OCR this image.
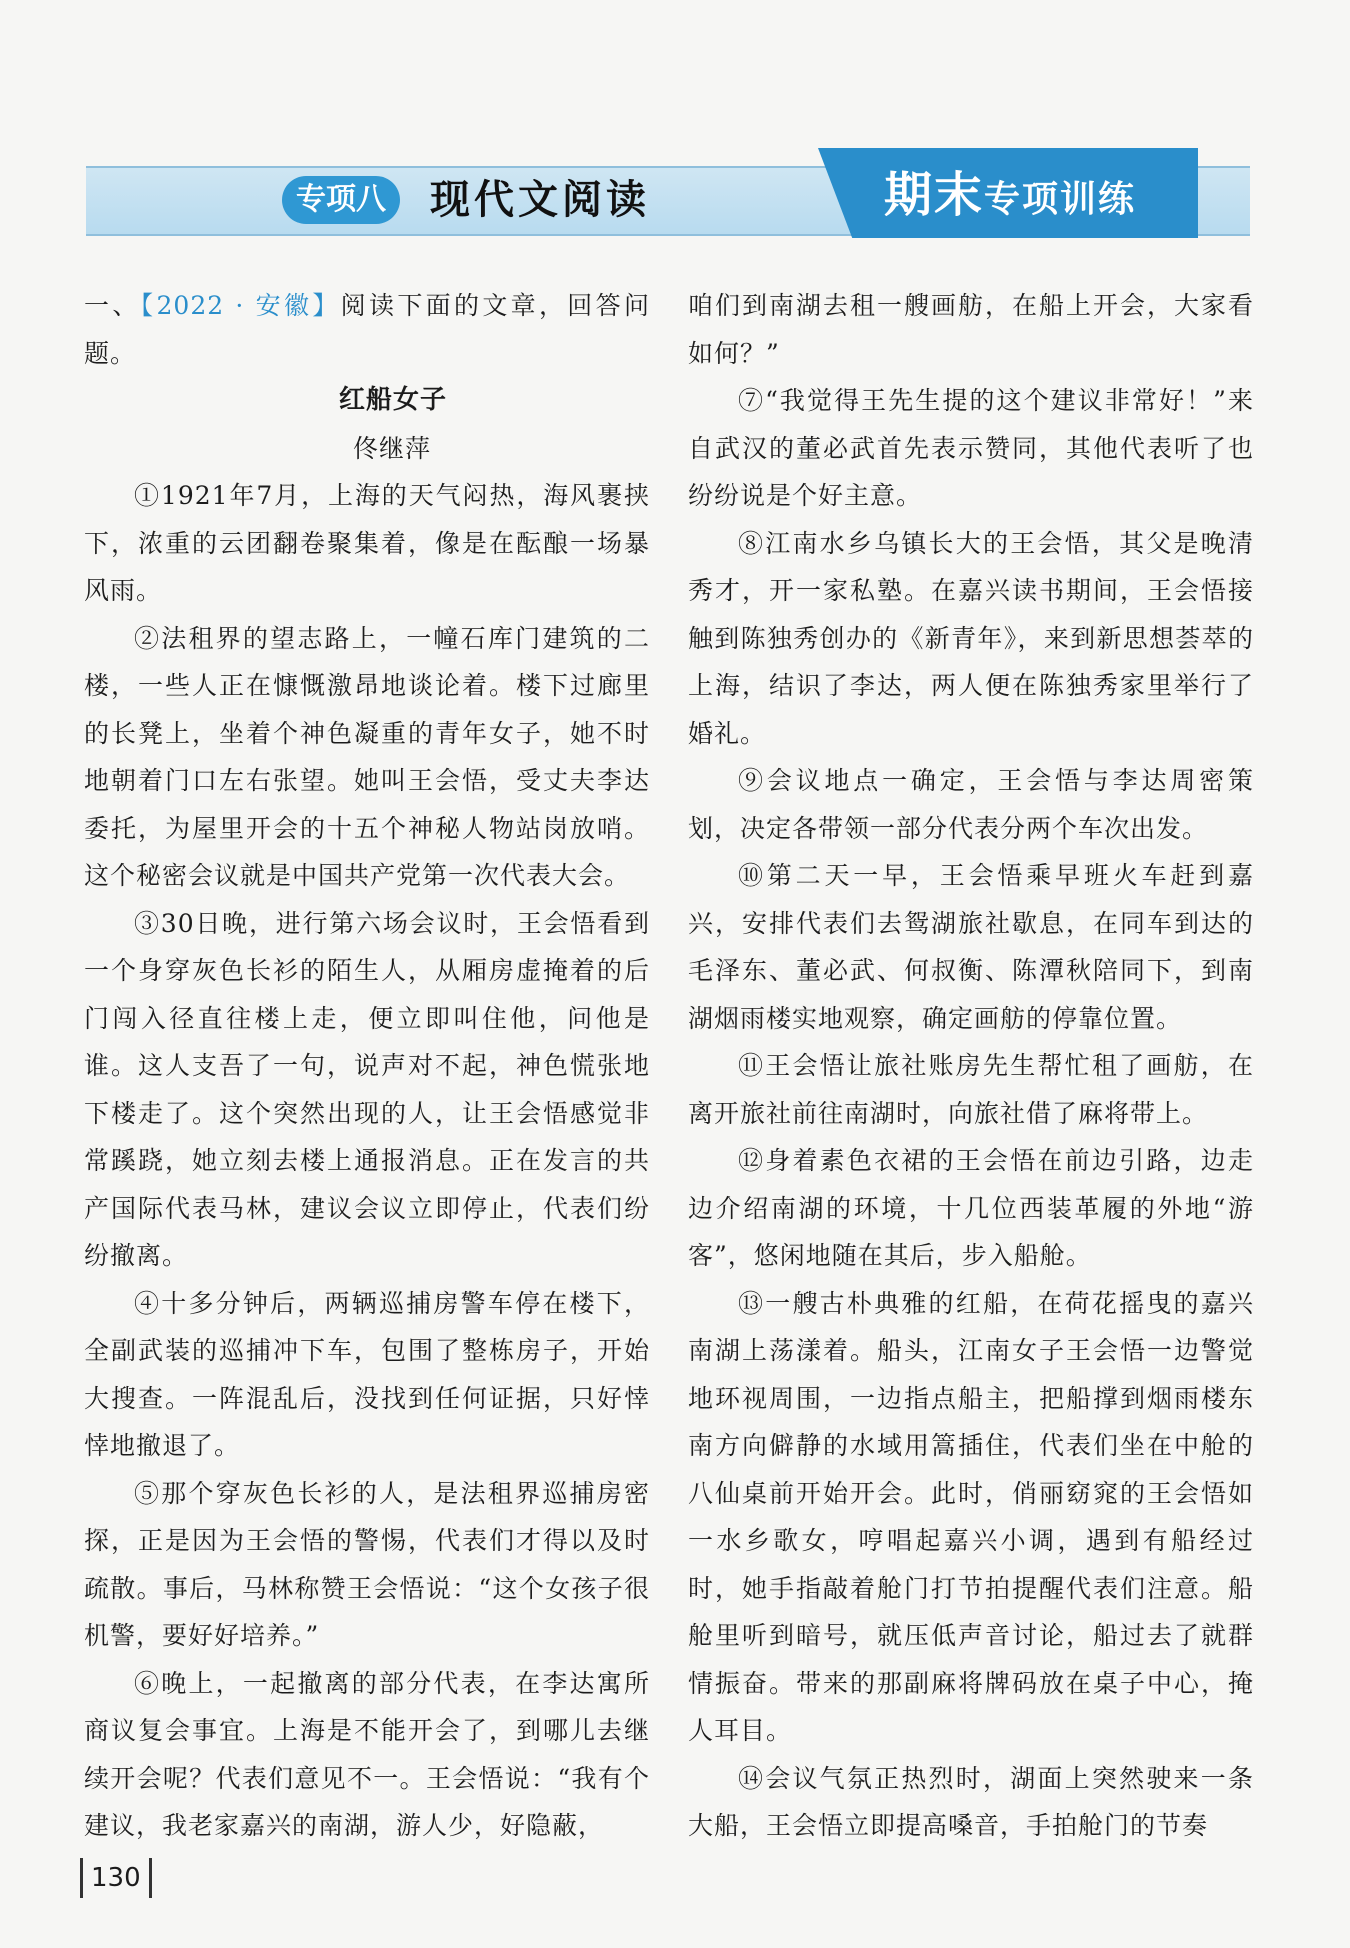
专项八	现代文阅读	期末专项训练

一、【2022 · 安徽】阅读下面的文章，回答问题。

红船女子

佟继萍

①1921年7月，上海的天气闷热，海风裹挟下，浓重的云团翻卷聚集着，像是在酝酿一场暴风雨。

②法租界的望志路上，一幢石库门建筑的二楼，一些人正在慷慨激昂地谈论着。楼下过廊里的长凳上，坐着个神色凝重的青年女子，她不时地朝着门口左右张望。她叫王会悟，受丈夫李达委托，为屋里开会的十五个神秘人物站岗放哨。这个秘密会议就是中国共产党第一次代表大会。

③30日晚，进行第六场会议时，王会悟看到一个身穿灰色长衫的陌生人，从厢房虚掩着的后门闯入径直往楼上走，便立即叫住他，问他是谁。这人支吾了一句，说声对不起，神色慌张地下楼走了。这个突然出现的人，让王会悟感觉非常蹊跷，她立刻去楼上通报消息。正在发言的共产国际代表马林，建议会议立即停止，代表们纷纷撤离。

④十多分钟后，两辆巡捕房警车停在楼下，全副武装的巡捕冲下车，包围了整栋房子，开始大搜查。一阵混乱后，没找到任何证据，只好悻悻地撤退了。

⑤那个穿灰色长衫的人，是法租界巡捕房密探，正是因为王会悟的警惕，代表们才得以及时疏散。事后，马林称赞王会悟说：“这个女孩子很机警，要好好培养。”

⑥晚上，一起撤离的部分代表，在李达寓所商议复会事宜。上海是不能开会了，到哪儿去继续开会呢？代表们意见不一。王会悟说：“我有个建议，我老家嘉兴的南湖，游人少，好隐蔽，

咱们到南湖去租一艘画舫，在船上开会，大家看如何？”

⑦“我觉得王先生提的这个建议非常好！”来自武汉的董必武首先表示赞同，其他代表听了也纷纷说是个好主意。

⑧江南水乡乌镇长大的王会悟，其父是晚清秀才，开一家私塾。在嘉兴读书期间，王会悟接触到陈独秀创办的《新青年》，来到新思想荟萃的上海，结识了李达，两人便在陈独秀家里举行了婚礼。

⑨会议地点一确定，王会悟与李达周密策划，决定各带领一部分代表分两个车次出发。

⑩第二天一早，王会悟乘早班火车赶到嘉兴，安排代表们去鸳湖旅社歇息，在同车到达的毛泽东、董必武、何叔衡、陈潭秋陪同下，到南湖烟雨楼实地观察，确定画舫的停靠位置。

⑪王会悟让旅社账房先生帮忙租了画舫，在离开旅社前往南湖时，向旅社借了麻将带上。

⑫身着素色衣裙的王会悟在前边引路，边走边介绍南湖的环境，十几位西装革履的外地“游客”，悠闲地随在其后，步入船舱。

⑬一艘古朴典雅的红船，在荷花摇曳的嘉兴南湖上荡漾着。船头，江南女子王会悟一边警觉地环视周围，一边指点船主，把船撑到烟雨楼东南方向僻静的水域用篙插住，代表们坐在中舱的八仙桌前开始开会。此时，俏丽窈窕的王会悟如一水乡歌女，哼唱起嘉兴小调，遇到有船经过时，她手指敲着舱门打节拍提醒代表们注意。船舱里听到暗号，就压低声音讨论，船过去了就群情振奋。带来的那副麻将牌码放在桌子中心，掩人耳目。

⑭会议气氛正热烈时，湖面上突然驶来一条大船，王会悟立即提高嗓音，手拍舱门的节奏

130
